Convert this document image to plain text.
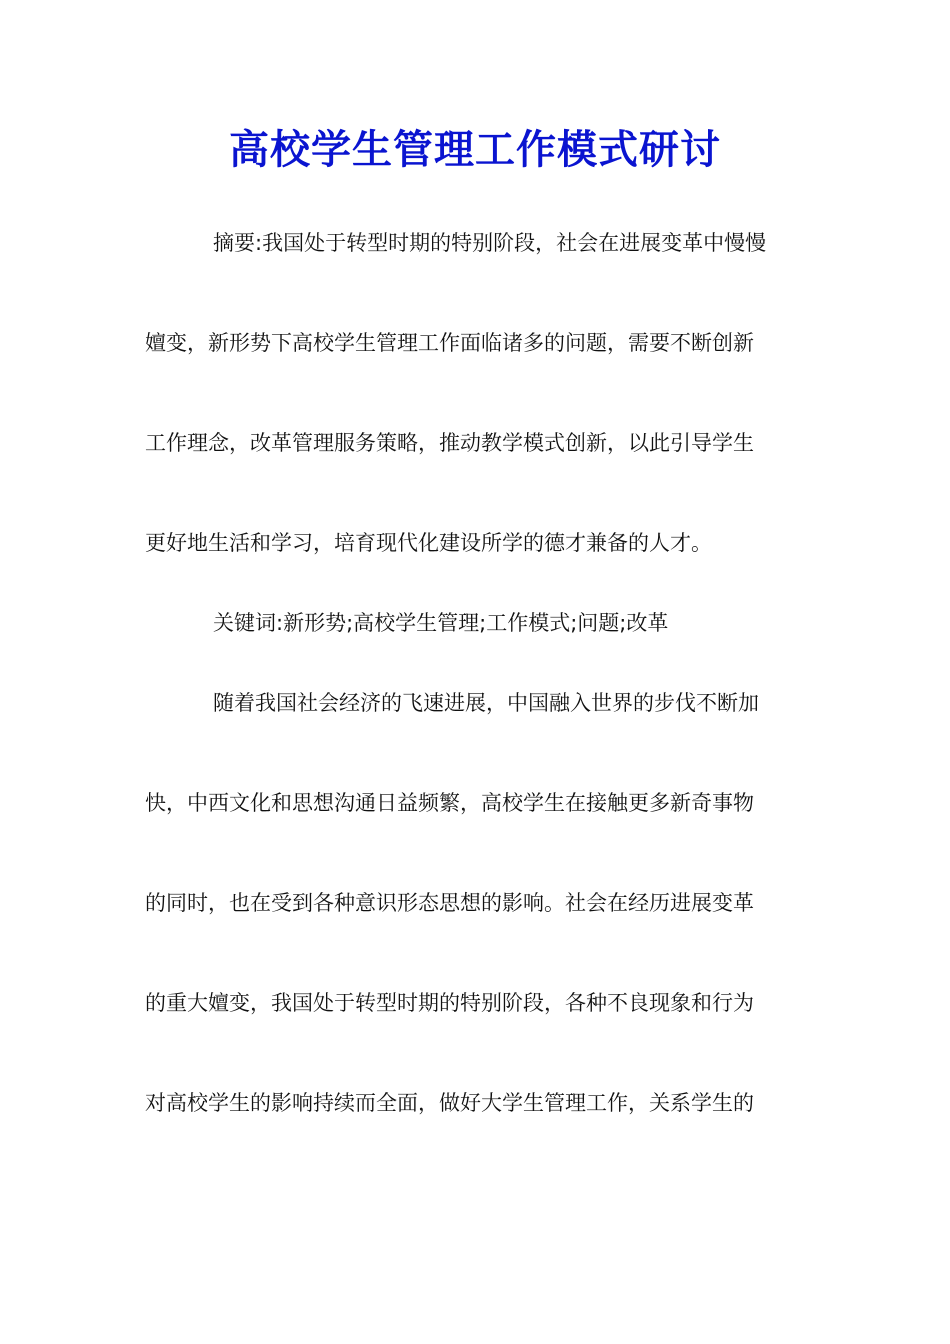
高校学生管理工作模式研讨
摘要:我国处于转型时期的特别阶段，社会在进展变革中慢慢
嬗变，新形势下高校学生管理工作面临诸多的问题，需要不断创新
工作理念，改革管理服务策略，推动教学模式创新，以此引导学生
更好地生活和学习，培育现代化建设所学的德才兼备的人才。
关键词:新形势;高校学生管理;工作模式;问题;改革
随着我国社会经济的飞速进展，中国融入世界的步伐不断加
快，中西文化和思想沟通日益频繁，高校学生在接触更多新奇事物
的同时，也在受到各种意识形态思想的影响。社会在经历进展变革
的重大嬗变，我国处于转型时期的特别阶段，各种不良现象和行为
对高校学生的影响持续而全面，做好大学生管理工作，关系学生的
